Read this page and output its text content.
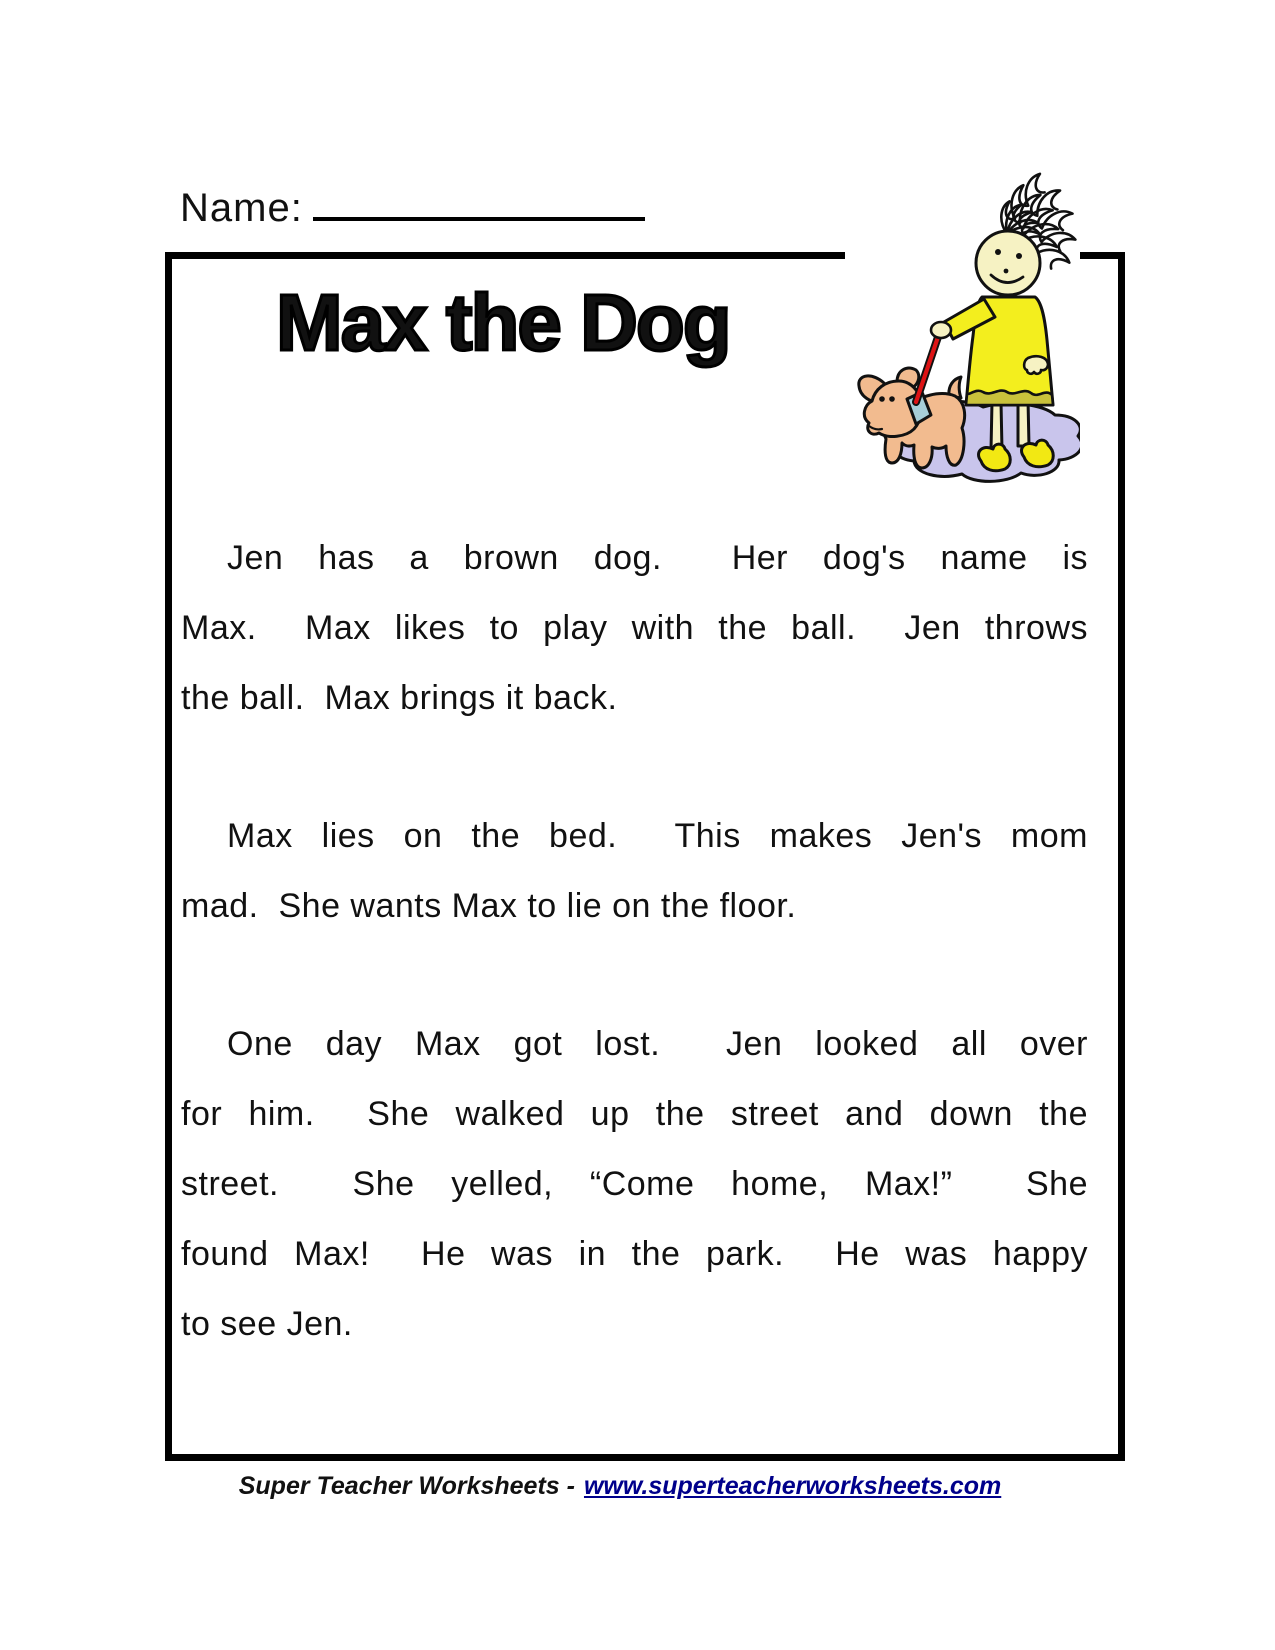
Name:
Max the Dog

Jen has a brown dog.  Her dog's name is
Max.  Max likes to play with the ball.  Jen throws
the ball.  Max brings it back.

Max lies on the bed.  This makes Jen's mom
mad.  She wants Max to lie on the floor.

One day Max got lost.  Jen looked all over
for him.  She walked up the street and down the
street.  She yelled, “Come home, Max!”  She
found Max!  He was in the park.  He was happy
to see Jen.

Super Teacher Worksheets - www.superteacherworksheets.com
